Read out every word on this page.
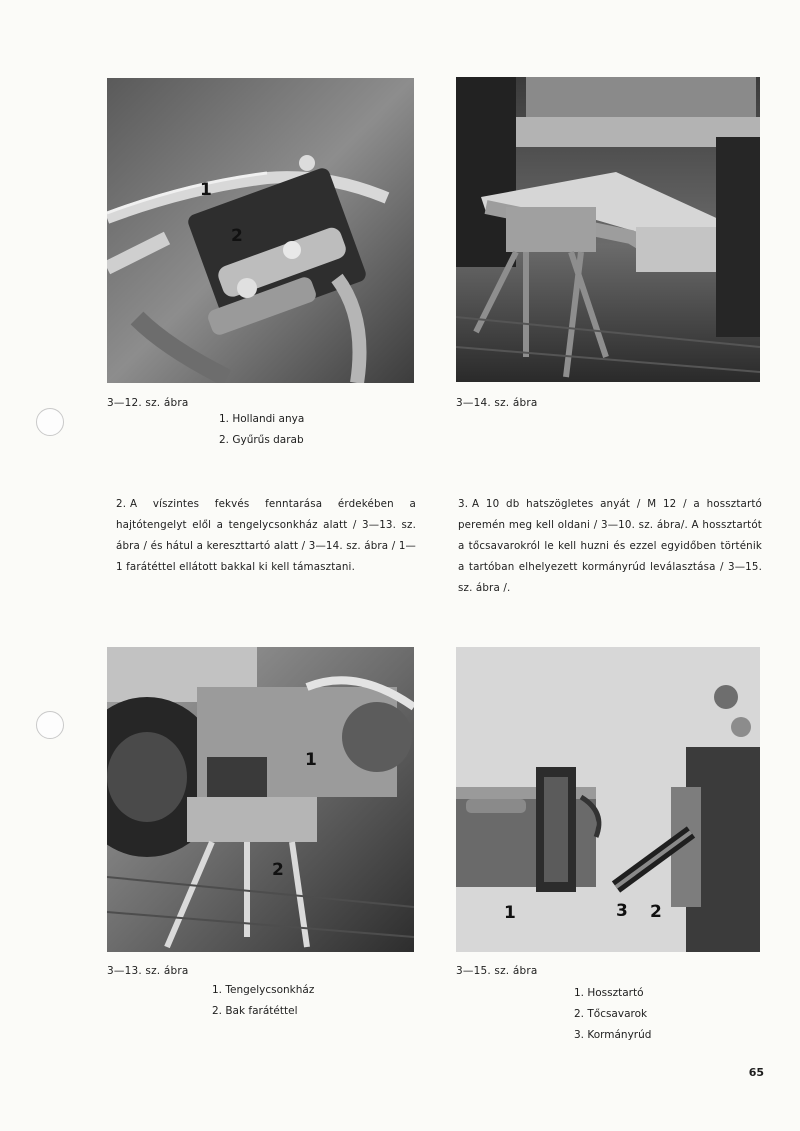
1
2
3—12. sz. ábra
1. Hollandi anya
2. Gyűrűs darab
3—14. sz. ábra
2. A víszintes fekvés fenntarása érdekében a hajtótengelyt elől a tengelycsonkház alatt / 3—13. sz. ábra / és hátul a kereszttartó alatt / 3—14. sz. ábra / 1—1 farátéttel ellátott bakkal ki kell támasztani.
3. A 10 db hatszögletes anyát / M 12 / a hossztartó peremén meg kell oldani / 3—10. sz. ábra/. A hossztartót a tőcsavarokról le kell huzni és ezzel egyidőben történik a tartóban elhelyezett kormányrúd leválasztása / 3—15. sz. ábra /.
1
2
1	3 2
3—13. sz. ábra
1. Tengelycsonkház
2. Bak farátéttel
3—15. sz. ábra
1. Hossztartó
2. Tőcsavarok
3. Kormányrúd
65
